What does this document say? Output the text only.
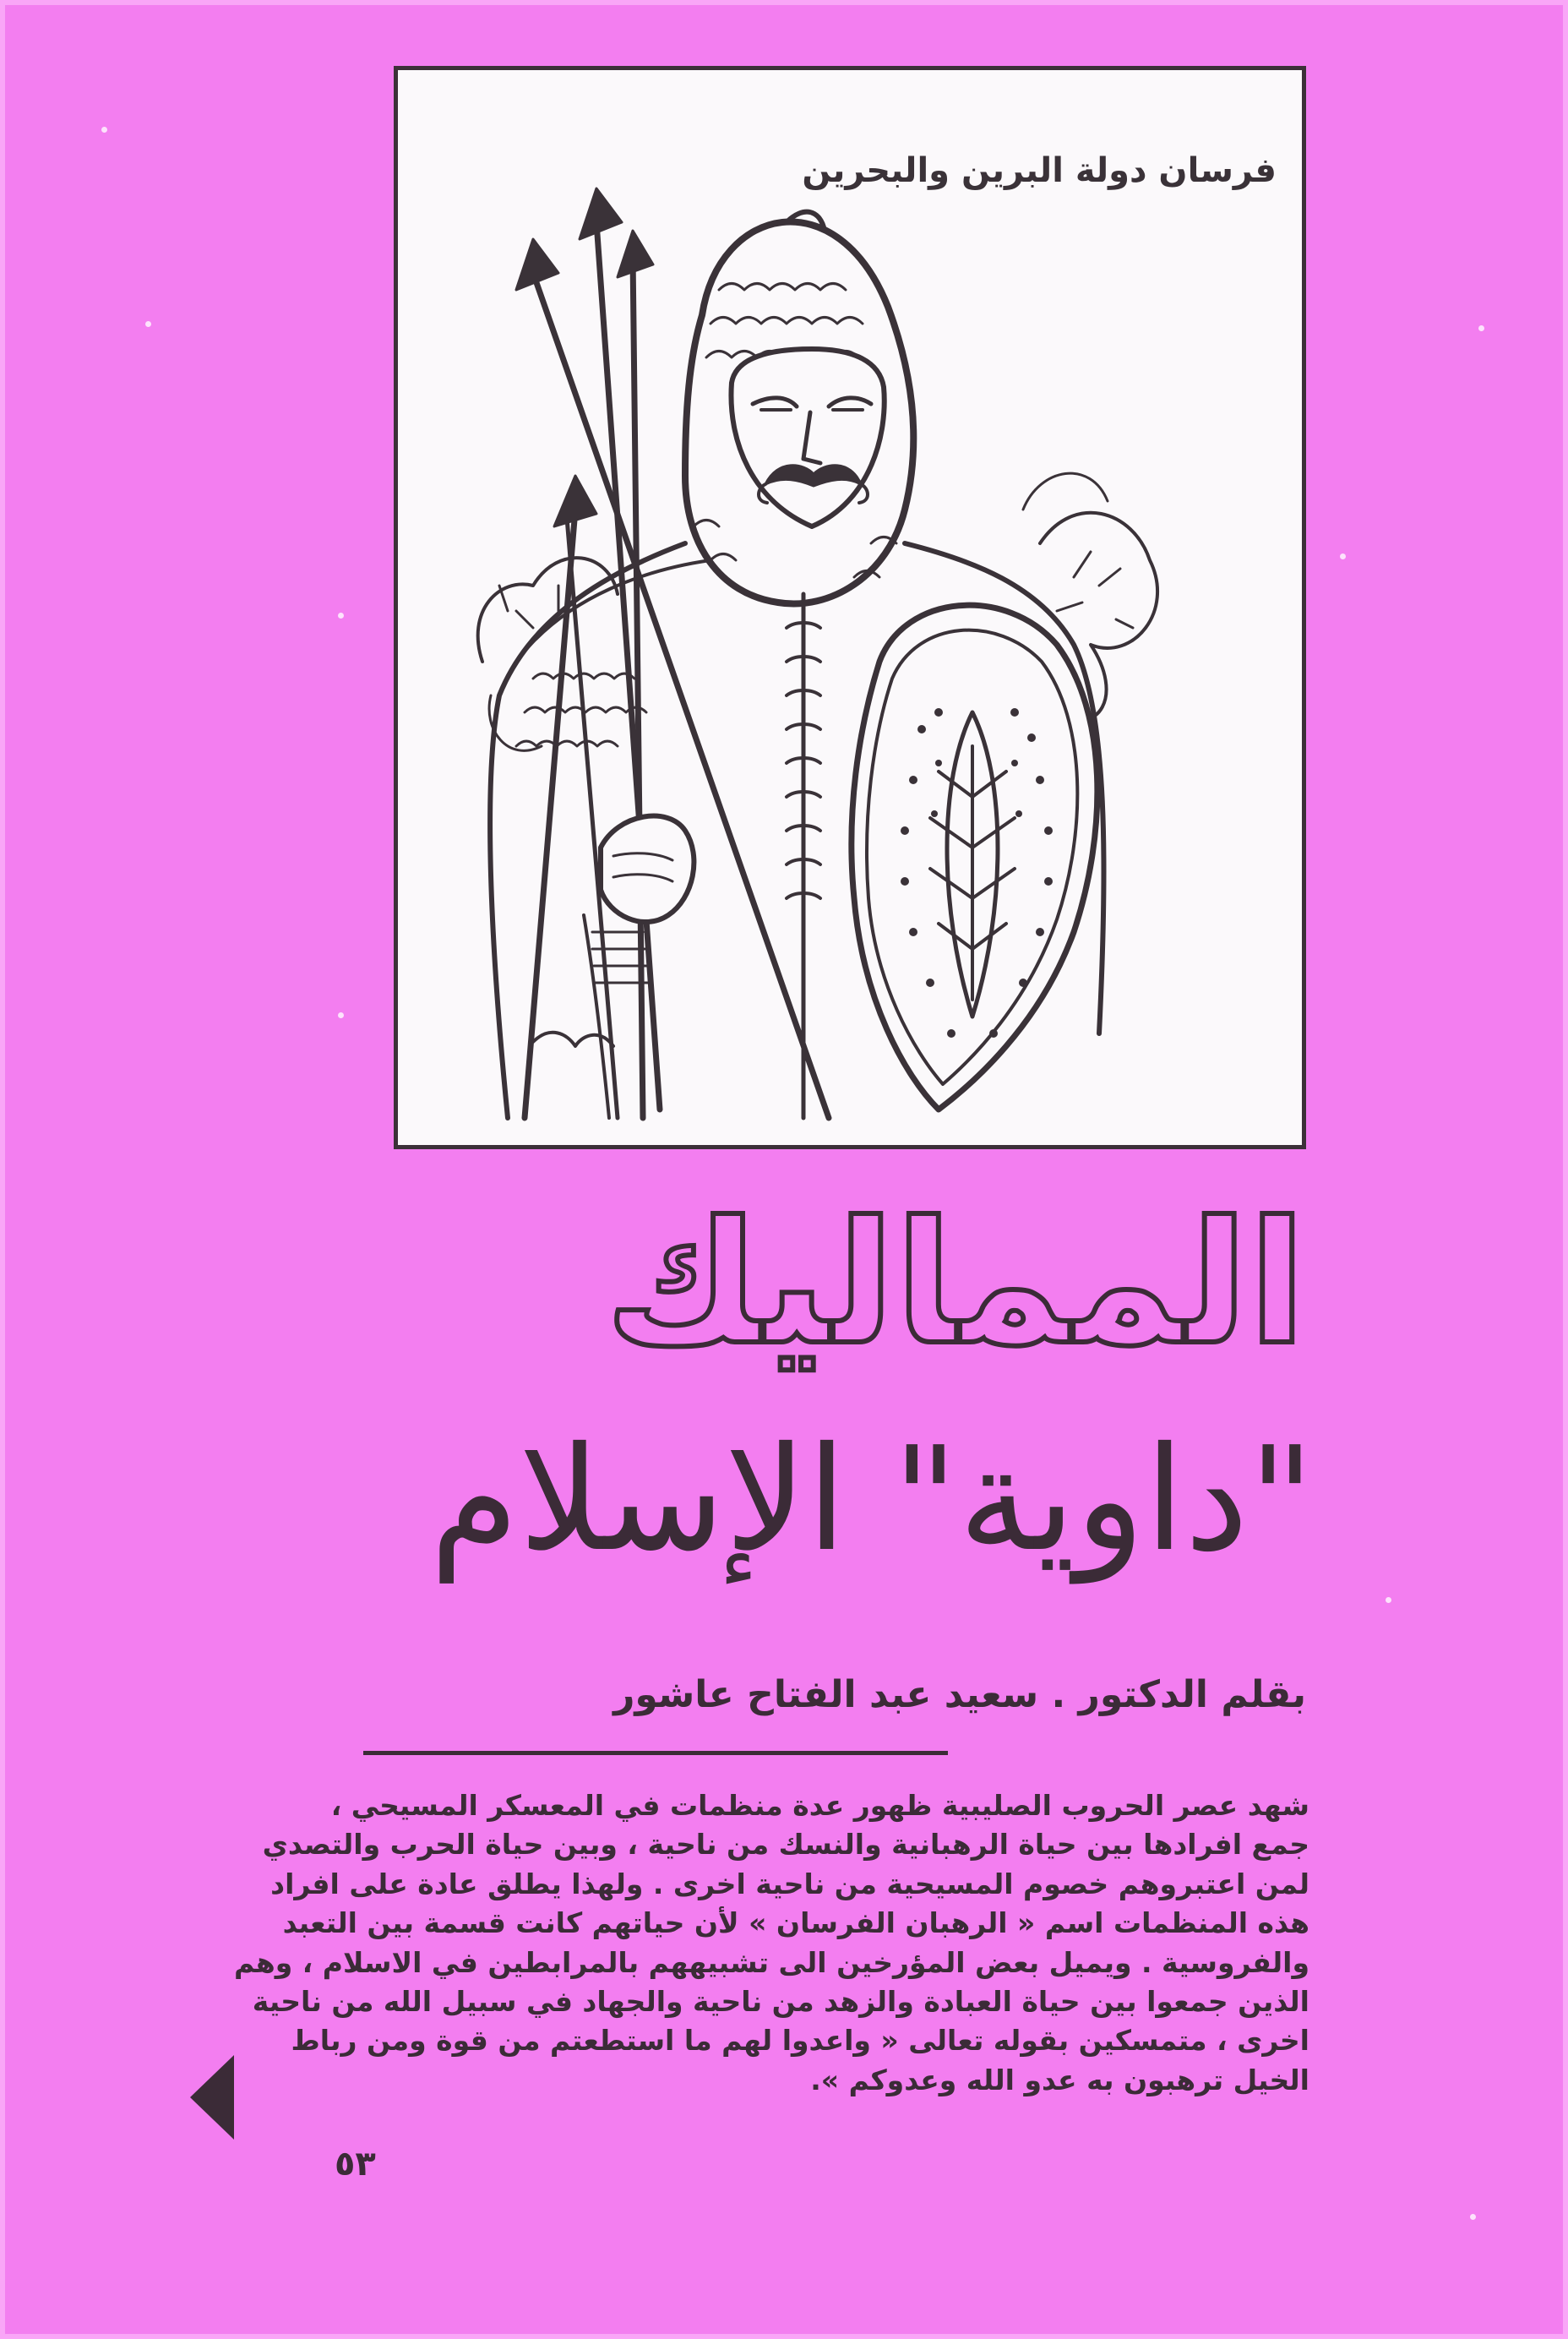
فرسان دولة البرين والبحرين
المماليك
"داوية" الإسلام
بقلم الدكتور . سعيد عبد الفتاح عاشور
شهد عصر الحروب الصليبية ظهور عدة منظمات في المعسكر المسيحي ،
جمع افرادها بين حياة الرهبانية والنسك من ناحية ، وبين حياة الحرب والتصدي
لمن اعتبروهم خصوم المسيحية من ناحية اخرى . ولهذا يطلق عادة على افراد
هذه المنظمات اسم « الرهبان الفرسان » لأن حياتهم كانت قسمة بين التعبد
والفروسية . ويميل بعض المؤرخين الى تشبيههم بالمرابطين في الاسلام ، وهم
الذين جمعوا بين حياة العبادة والزهد من ناحية والجهاد في سبيل الله من ناحية
اخرى ، متمسكين بقوله تعالى « واعدوا لهم ما استطعتم من قوة ومن رباط
الخيل ترهبون به عدو الله وعدوكم ».
٥٣
